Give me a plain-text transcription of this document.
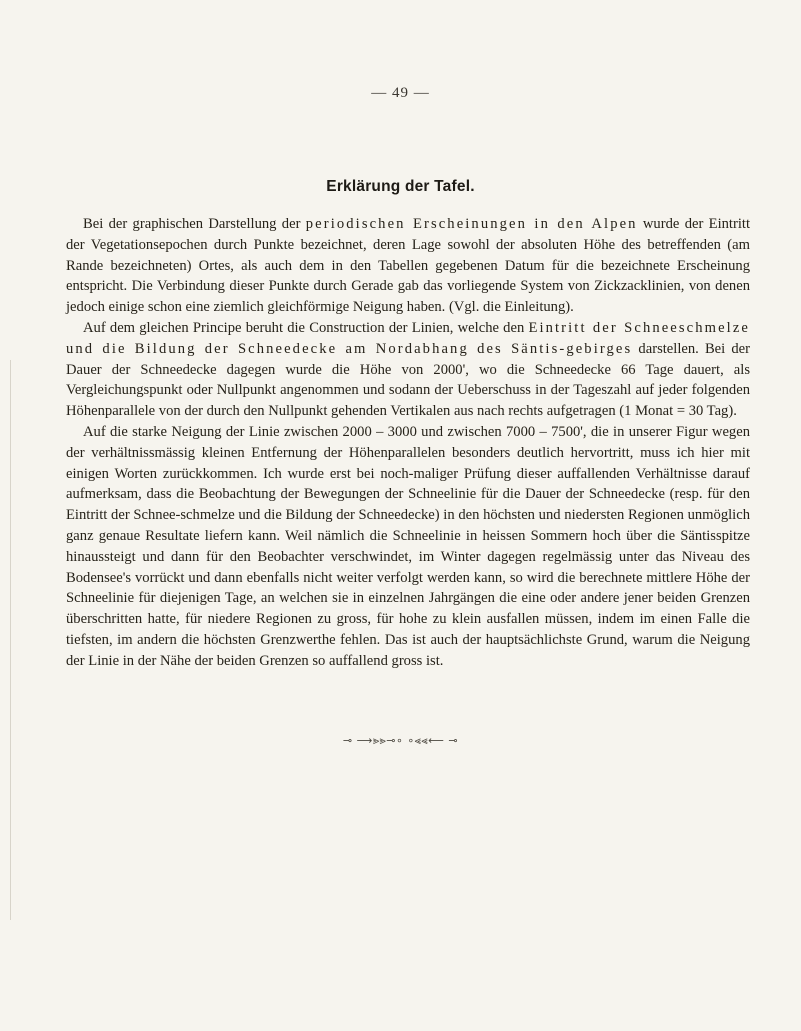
— 49 —
Erklärung der Tafel.

Bei der graphischen Darstellung der periodischen Erscheinungen in den Alpen wurde der Eintritt der Vegetationsepochen durch Punkte bezeichnet, deren Lage sowohl der absoluten Höhe des betreffenden (am Rande bezeichneten) Ortes, als auch dem in den Tabellen gegebenen Datum für die bezeichnete Erscheinung entspricht. Die Verbindung dieser Punkte durch Gerade gab das vorliegende System von Zickzacklinien, von denen jedoch einige schon eine ziemlich gleichförmige Neigung haben. (Vgl. die Einleitung).

Auf dem gleichen Principe beruht die Construction der Linien, welche den Eintritt der Schneeschmelze und die Bildung der Schneedecke am Nordabhang des Säntis-gebirges darstellen. Bei der Dauer der Schneedecke dagegen wurde die Höhe von 2000', wo die Schneedecke 66 Tage dauert, als Vergleichungspunkt oder Nullpunkt angenommen und sodann der Ueberschuss in der Tageszahl auf jeder folgenden Höhenparallele von der durch den Nullpunkt gehenden Vertikalen aus nach rechts aufgetragen (1 Monat = 30 Tag).

Auf die starke Neigung der Linie zwischen 2000 – 3000 und zwischen 7000 – 7500', die in unserer Figur wegen der verhältnissmässig kleinen Entfernung der Höhenparallelen besonders deutlich hervortritt, muss ich hier mit einigen Worten zurückkommen. Ich wurde erst bei noch-maliger Prüfung dieser auffallenden Verhältnisse darauf aufmerksam, dass die Beobachtung der Bewegungen der Schneelinie für die Dauer der Schneedecke (resp. für den Eintritt der Schnee-schmelze und die Bildung der Schneedecke) in den höchsten und niedersten Regionen unmöglich ganz genaue Resultate liefern kann. Weil nämlich die Schneelinie in heissen Sommern hoch über die Säntisspitze hinaussteigt und dann für den Beobachter verschwindet, im Winter dagegen regelmässig unter das Niveau des Bodensee's vorrückt und dann ebenfalls nicht weiter verfolgt werden kann, so wird die berechnete mittlere Höhe der Schneelinie für diejenigen Tage, an welchen sie in einzelnen Jahrgängen die eine oder andere jener beiden Grenzen überschritten hatte, für niedere Regionen zu gross, für hohe zu klein ausfallen müssen, indem im einen Falle die tiefsten, im andern die höchsten Grenzwerthe fehlen. Das ist auch der hauptsächlichste Grund, warum die Neigung der Linie in der Nähe der beiden Grenzen so auffallend gross ist.

⊸ ⟶⪢⪢⊸∘ ∘⪡⪡⟵ ⊸
